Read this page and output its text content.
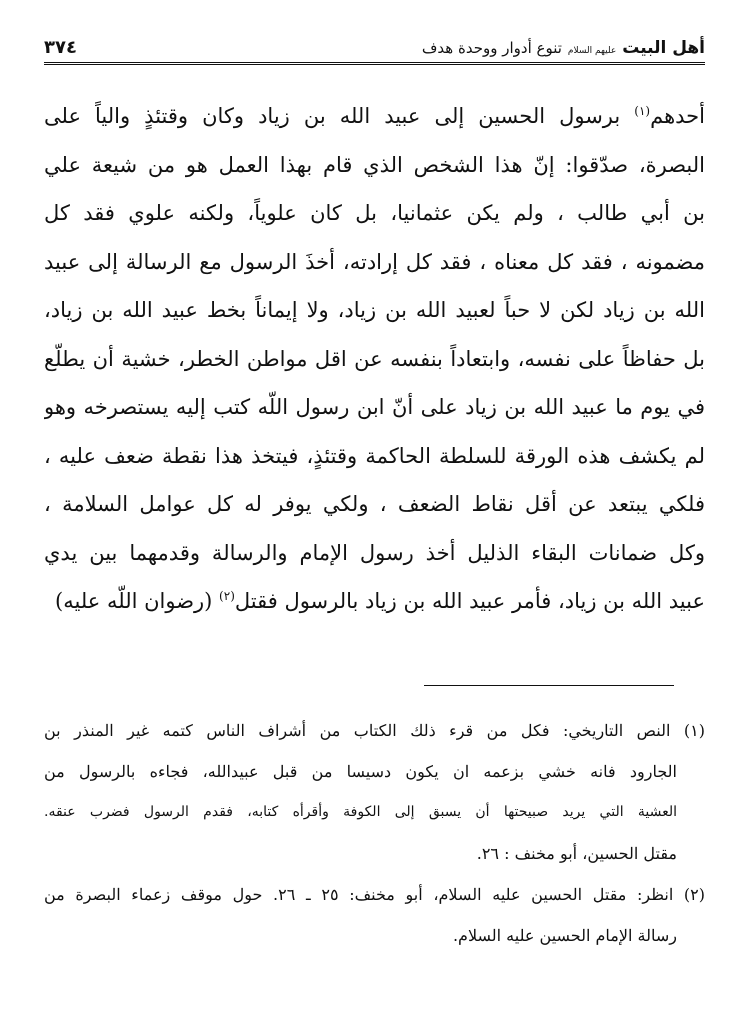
أهل البيت
عليهم السلام
تنوع أدوار ووحدة هدف
٣٧٤
أحدهم$^{(١)}$ برسول الحسين إلى عبيد الله بن زياد وكان وقتئذٍ والياً على
البصرة، صدّقوا: إنّ هذا الشخص الذي قام بهذا العمل هو من شيعة علي
بن أبي طالب ، ولم يكن عثمانيا، بل كان علوياً، ولكنه علوي فقد كل
مضمونه ، فقد كل معناه ، فقد كل إرادته، أخذَ الرسول مع الرسالة إلى عبيد
الله بن زياد لكن لا حباً لعبيد الله بن زياد، ولا إيماناً بخط عبيد الله بن زياد،
بل حفاظاً على نفسه، وابتعاداً بنفسه عن اقل مواطن الخطر، خشية أن يطلّع
في يوم ما عبيد الله بن زياد على أنّ ابن رسول اللّه كتب إليه يستصرخه وهو
لم يكشف هذه الورقة للسلطة الحاكمة وقتئذٍ، فيتخذ هذا نقطة ضعف عليه ،
فلكي يبتعد عن أقل نقاط الضعف ، ولكي يوفر له كل عوامل السلامة ،
وكل ضمانات البقاء الذليل أخذ رسول الإمام والرسالة وقدمهما بين يدي
عبيد الله بن زياد، فأمر عبيد الله بن زياد بالرسول فقتل$^{(٢)}$ (رضوان اللّه عليه)
(١) النص التاريخي: فكل من قرء ذلك الكتاب من أشراف الناس كتمه غير المنذر بن
الجارود فانه خشي بزعمه ان يكون دسيسا من قبل عبيدالله، فجاءه بالرسول من
العشية التي يريد صبيحتها أن يسبق إلى الكوفة وأقرأه كتابه، فقدم الرسول فضرب عنقه.
مقتل الحسين، أبو مخنف : ٢٦.
(٢) انظر: مقتل الحسين عليه السلام، أبو مخنف: ٢٥ ـ ٢٦. حول موقف زعماء البصرة من
رسالة الإمام الحسين عليه السلام.
